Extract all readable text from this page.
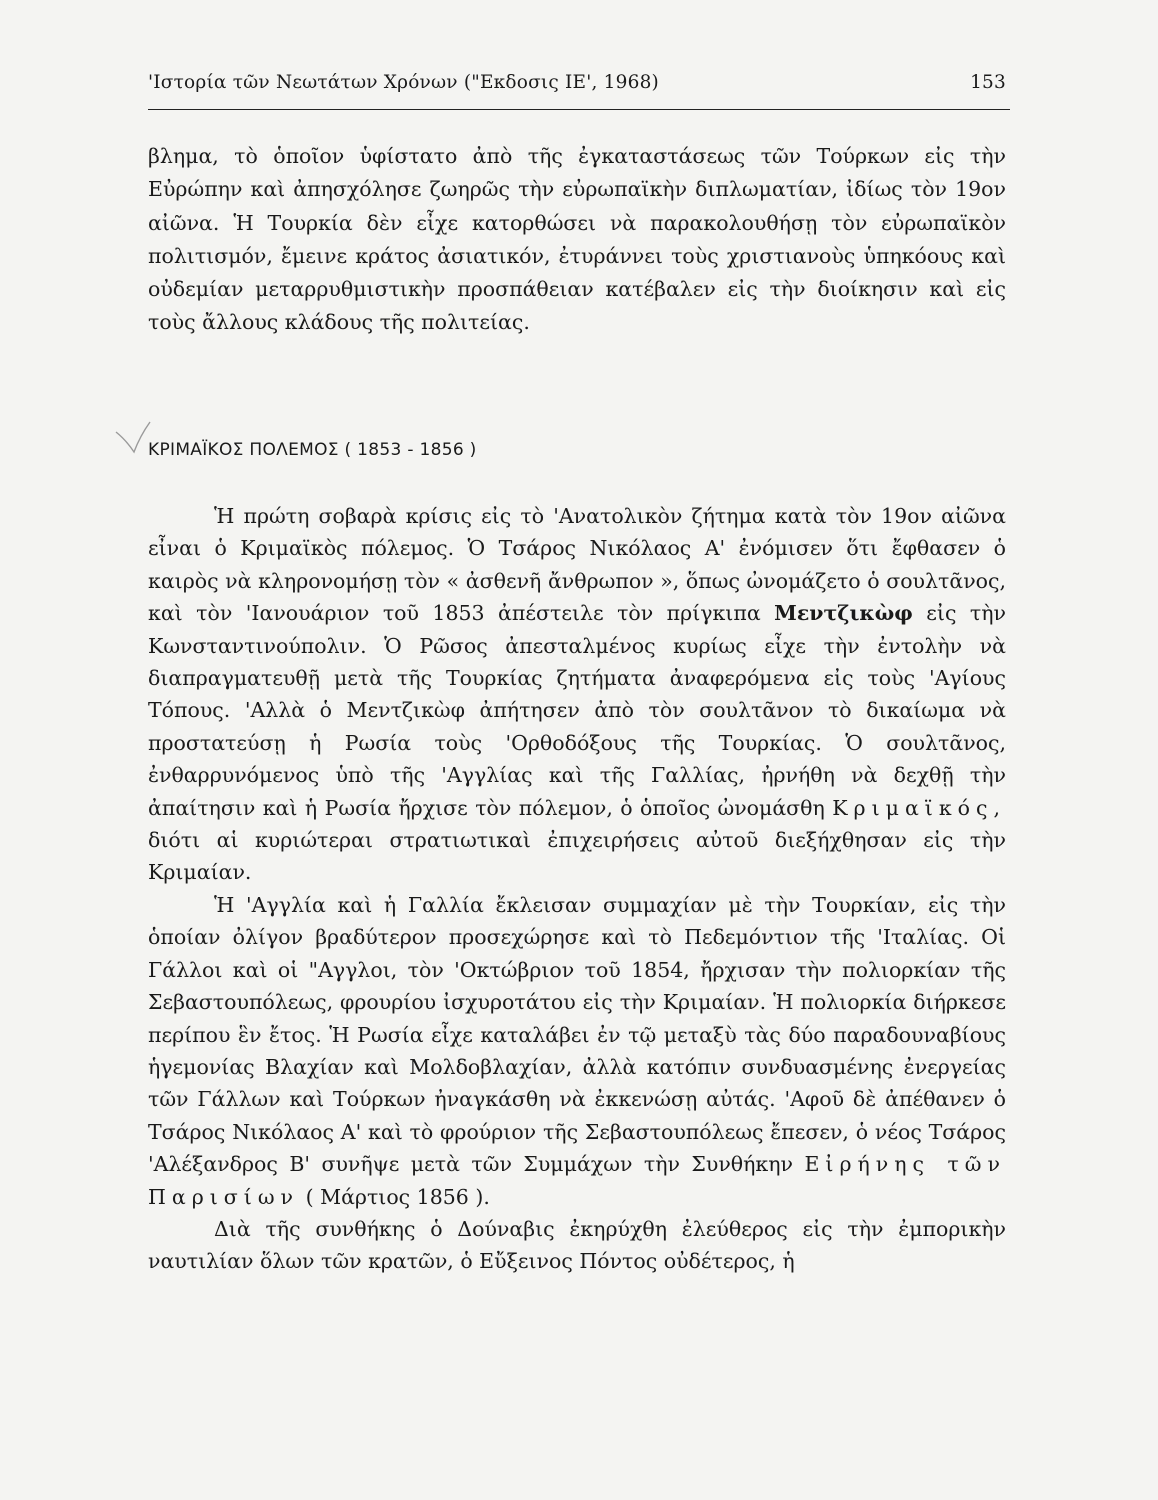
'Ιστορία τῶν Νεωτάτων Χρόνων ("Εκδοσις ΙΕ', 1968)	153

βλημα, τὸ ὁποῖον ὑφίστατο ἀπὸ τῆς ἐγκαταστάσεως τῶν Τούρκων εἰς τὴν Εὐρώπην καὶ ἀπησχόλησε ζωηρῶς τὴν εὐρωπαϊκὴν διπλωματίαν, ἰδίως τὸν 19ον αἰῶνα. Ἡ Τουρκία δὲν εἶχε κατορθώσει νὰ παρακολουθήσῃ τὸν εὐρωπαϊκὸν πολιτισμόν, ἔμεινε κράτος ἀσιατικόν, ἐτυράννει τοὺς χριστιανοὺς ὑπηκόους καὶ οὐδεμίαν μεταρρυθμιστικὴν προσπάθειαν κατέβαλεν εἰς τὴν διοίκησιν καὶ εἰς τοὺς ἄλλους κλάδους τῆς πολιτείας.

ΚΡΙΜΑΪΚΟΣ ΠΟΛΕΜΟΣ ( 1853 - 1856 )

Ἡ πρώτη σοβαρὰ κρίσις εἰς τὸ 'Ανατολικὸν ζήτημα κατὰ τὸν 19ον αἰῶνα εἶναι ὁ Κριμαϊκὸς πόλεμος. Ὁ Τσάρος Νικόλαος Α' ἐνόμισεν ὅτι ἔφθασεν ὁ καιρὸς νὰ κληρονομήσῃ τὸν « ἀσθενῆ ἄνθρωπον », ὅπως ὠνομάζετο ὁ σουλτᾶνος, καὶ τὸν 'Ιανουάριον τοῦ 1853 ἀπέστειλε τὸν πρίγκιπα Μεντζικὼφ εἰς τὴν Κωνσταντινούπολιν. Ὁ Ρῶσος ἀπεσταλμένος κυρίως εἶχε τὴν ἐντολὴν νὰ διαπραγματευθῇ μετὰ τῆς Τουρκίας ζητήματα ἀναφερόμενα εἰς τοὺς 'Αγίους Τόπους. 'Αλλὰ ὁ Μεντζικὼφ ἀπήτησεν ἀπὸ τὸν σουλτᾶνον τὸ δικαίωμα νὰ προστατεύσῃ ἡ Ρωσία τοὺς 'Ορθοδόξους τῆς Τουρκίας. Ὁ σουλτᾶνος, ἐνθαρρυνόμενος ὑπὸ τῆς 'Αγγλίας καὶ τῆς Γαλλίας, ἠρνήθη νὰ δεχθῇ τὴν ἀπαίτησιν καὶ ἡ Ρωσία ἤρχισε τὸν πόλεμον, ὁ ὁποῖος ὠνομάσθη Κριμαϊκός, διότι αἱ κυριώτεραι στρατιωτικαὶ ἐπιχειρήσεις αὐτοῦ διεξήχθησαν εἰς τὴν Κριμαίαν.

Ἡ 'Αγγλία καὶ ἡ Γαλλία ἔκλεισαν συμμαχίαν μὲ τὴν Τουρκίαν, εἰς τὴν ὁποίαν ὀλίγον βραδύτερον προσεχώρησε καὶ τὸ Πεδεμόντιον τῆς 'Ιταλίας. Οἱ Γάλλοι καὶ οἱ "Αγγλοι, τὸν 'Οκτώβριον τοῦ 1854, ἤρχισαν τὴν πολιορκίαν τῆς Σεβαστουπόλεως, φρουρίου ἰσχυροτάτου εἰς τὴν Κριμαίαν. Ἡ πολιορκία διήρκεσε περίπου ἓν ἔτος. Ἡ Ρωσία εἶχε καταλάβει ἐν τῷ μεταξὺ τὰς δύο παραδουναβίους ἡγεμονίας Βλαχίαν καὶ Μολδοβλαχίαν, ἀλλὰ κατόπιν συνδυασμένης ἐνεργείας τῶν Γάλλων καὶ Τούρκων ἠναγκάσθη νὰ ἐκκενώσῃ αὐτάς. 'Αφοῦ δὲ ἀπέθανεν ὁ Τσάρος Νικόλαος Α' καὶ τὸ φρούριον τῆς Σεβαστουπόλεως ἔπεσεν, ὁ νέος Τσάρος 'Αλέξανδρος Β' συνῆψε μετὰ τῶν Συμμάχων τὴν Συνθήκην Εἰρήνης τῶν Παρισίων ( Μάρτιος 1856 ).

Διὰ τῆς συνθήκης ὁ Δούναβις ἐκηρύχθη ἐλεύθερος εἰς τὴν ἐμπορικὴν ναυτιλίαν ὅλων τῶν κρατῶν, ὁ Εὔξεινος Πόντος οὐδέτερος, ἡ
